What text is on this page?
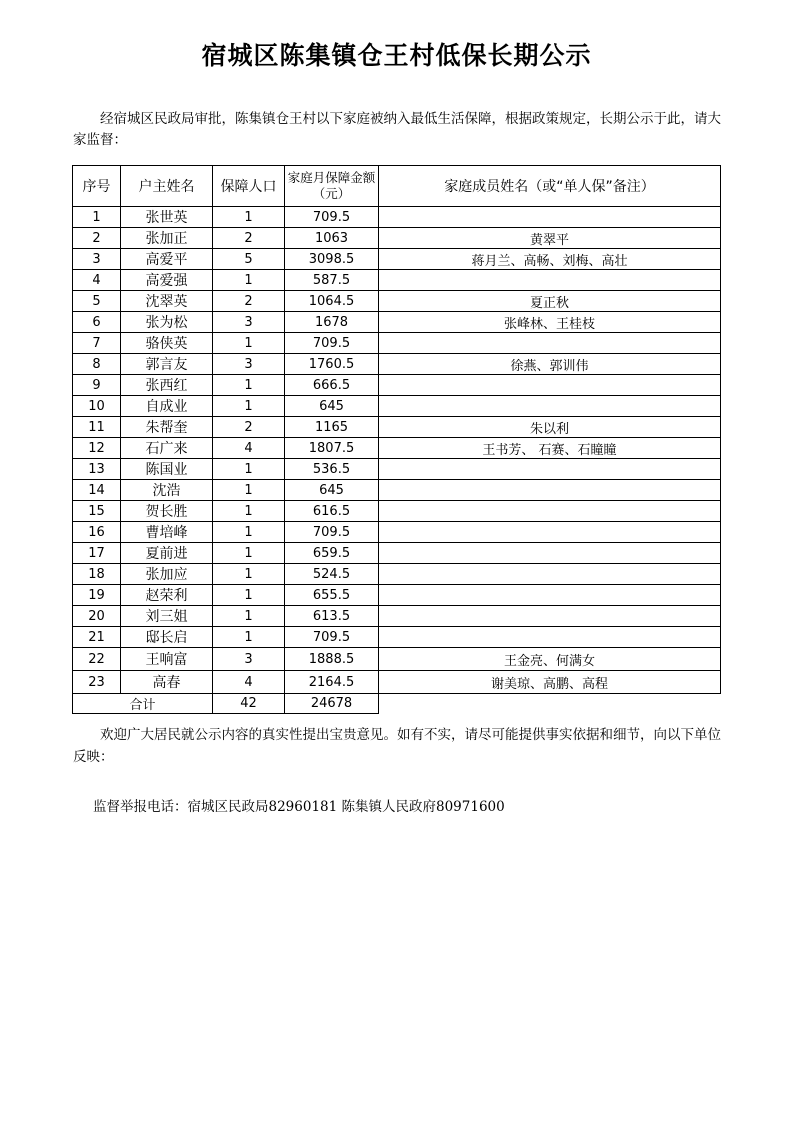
宿城区陈集镇仓王村低保长期公示
经宿城区民政局审批，陈集镇仓王村以下家庭被纳入最低生活保障，根据政策规定，长期公示于此，请大家监督：
序号	户主姓名	保障人口	家庭月保障金额（元）	家庭成员姓名（或“单人保”备注）
1	张世英	1	709.5	
2	张加正	2	1063	黄翠平
3	高爱平	5	3098.5	蒋月兰、高畅、刘梅、高壮
4	高爱强	1	587.5	
5	沈翠英	2	1064.5	夏正秋
6	张为松	3	1678	张峰林、王桂枝
7	骆侠英	1	709.5	
8	郭言友	3	1760.5	徐燕、郭训伟
9	张西红	1	666.5	
10	自成业	1	645	
11	朱帮奎	2	1165	朱以利
12	石广来	4	1807.5	王书芳、 石赛、石瞳瞳
13	陈国业	1	536.5	
14	沈浩	1	645	
15	贺长胜	1	616.5	
16	曹培峰	1	709.5	
17	夏前进	1	659.5	
18	张加应	1	524.5	
19	赵荣利	1	655.5	
20	刘三姐	1	613.5	
21	邸长启	1	709.5	
22	王响富	3	1888.5	王金亮、何满女
23	高春	4	2164.5	谢美琼、高鹏、高程
合计		42	24678	
欢迎广大居民就公示内容的真实性提出宝贵意见。如有不实，请尽可能提供事实依据和细节，向以下单位反映：
监督举报电话：宿城区民政局82960181 陈集镇人民政府80971600
